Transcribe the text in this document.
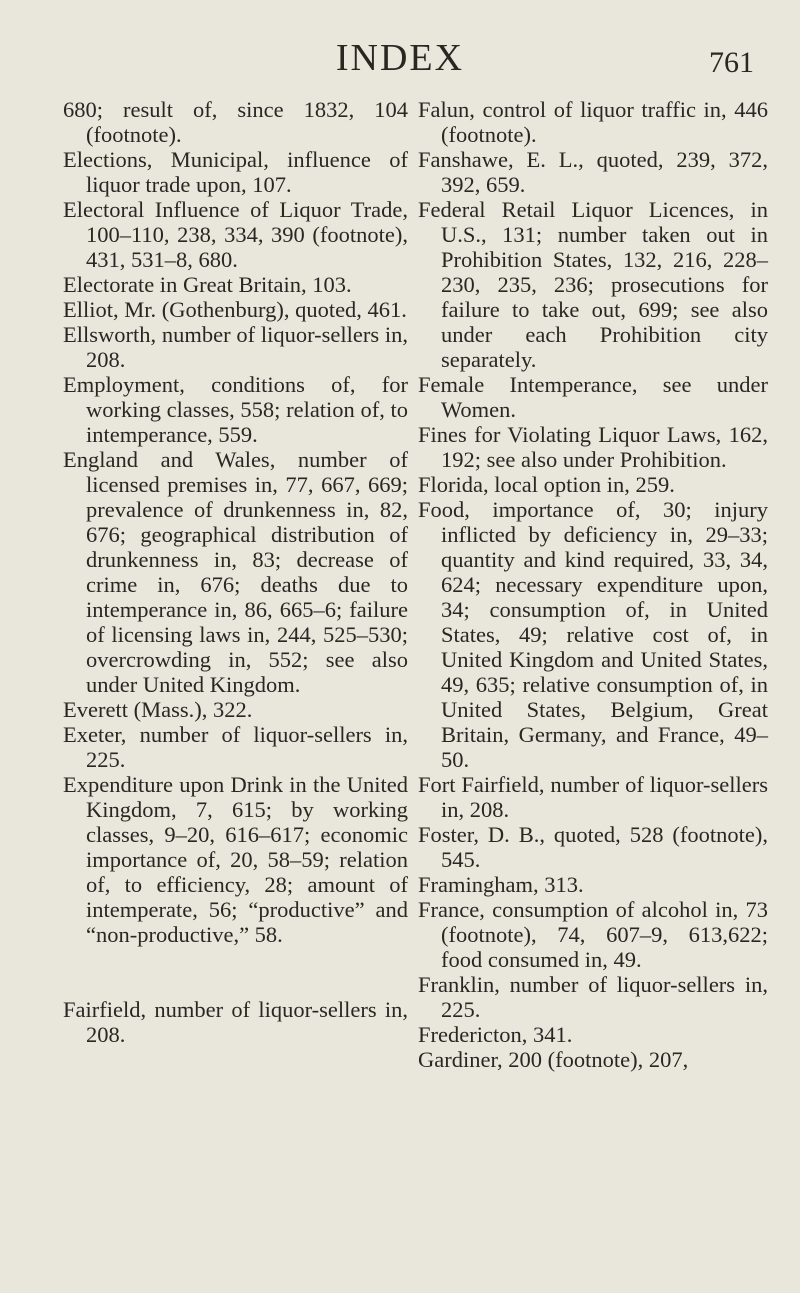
INDEX	761

680; result of, since 1832, 104 (footnote).

Elections, Municipal, influence of liquor trade upon, 107.

Electoral Influence of Liquor Trade, 100–110, 238, 334, 390 (footnote), 431, 531–8, 680.

Electorate in Great Britain, 103.

Elliot, Mr. (Gothenburg), quoted, 461.

Ellsworth, number of liquor-sellers in, 208.

Employment, conditions of, for working classes, 558; relation of, to intemperance, 559.

England and Wales, number of licensed premises in, 77, 667, 669; prevalence of drunkenness in, 82, 676; geographical distribution of drunkenness in, 83; decrease of crime in, 676; deaths due to intemperance in, 86, 665–6; failure of licensing laws in, 244, 525–530; overcrowding in, 552; see also under United Kingdom.

Everett (Mass.), 322.

Exeter, number of liquor-sellers in, 225.

Expenditure upon Drink in the United Kingdom, 7, 615; by working classes, 9–20, 616–617; economic importance of, 20, 58–59; relation of, to efficiency, 28; amount of intemperate, 56; “productive” and “non-productive,” 58.

Fairfield, number of liquor-sellers in, 208.

Falun, control of liquor traffic in, 446 (footnote).

Fanshawe, E. L., quoted, 239, 372, 392, 659.

Federal Retail Liquor Licences, in U.S., 131; number taken out in Prohibition States, 132, 216, 228–230, 235, 236; prosecutions for failure to take out, 699; see also under each Prohibition city separately.

Female Intemperance, see under Women.

Fines for Violating Liquor Laws, 162, 192; see also under Prohibition.

Florida, local option in, 259.

Food, importance of, 30; injury inflicted by deficiency in, 29–33; quantity and kind required, 33, 34, 624; necessary expenditure upon, 34; consumption of, in United States, 49; relative cost of, in United Kingdom and United States, 49, 635; relative consumption of, in United States, Belgium, Great Britain, Germany, and France, 49–50.

Fort Fairfield, number of liquor-sellers in, 208.

Foster, D. B., quoted, 528 (footnote), 545.

Framingham, 313.

France, consumption of alcohol in, 73 (footnote), 74, 607–9, 613,622; food consumed in, 49.

Franklin, number of liquor-sellers in, 225.

Fredericton, 341.

Gardiner, 200 (footnote), 207,
